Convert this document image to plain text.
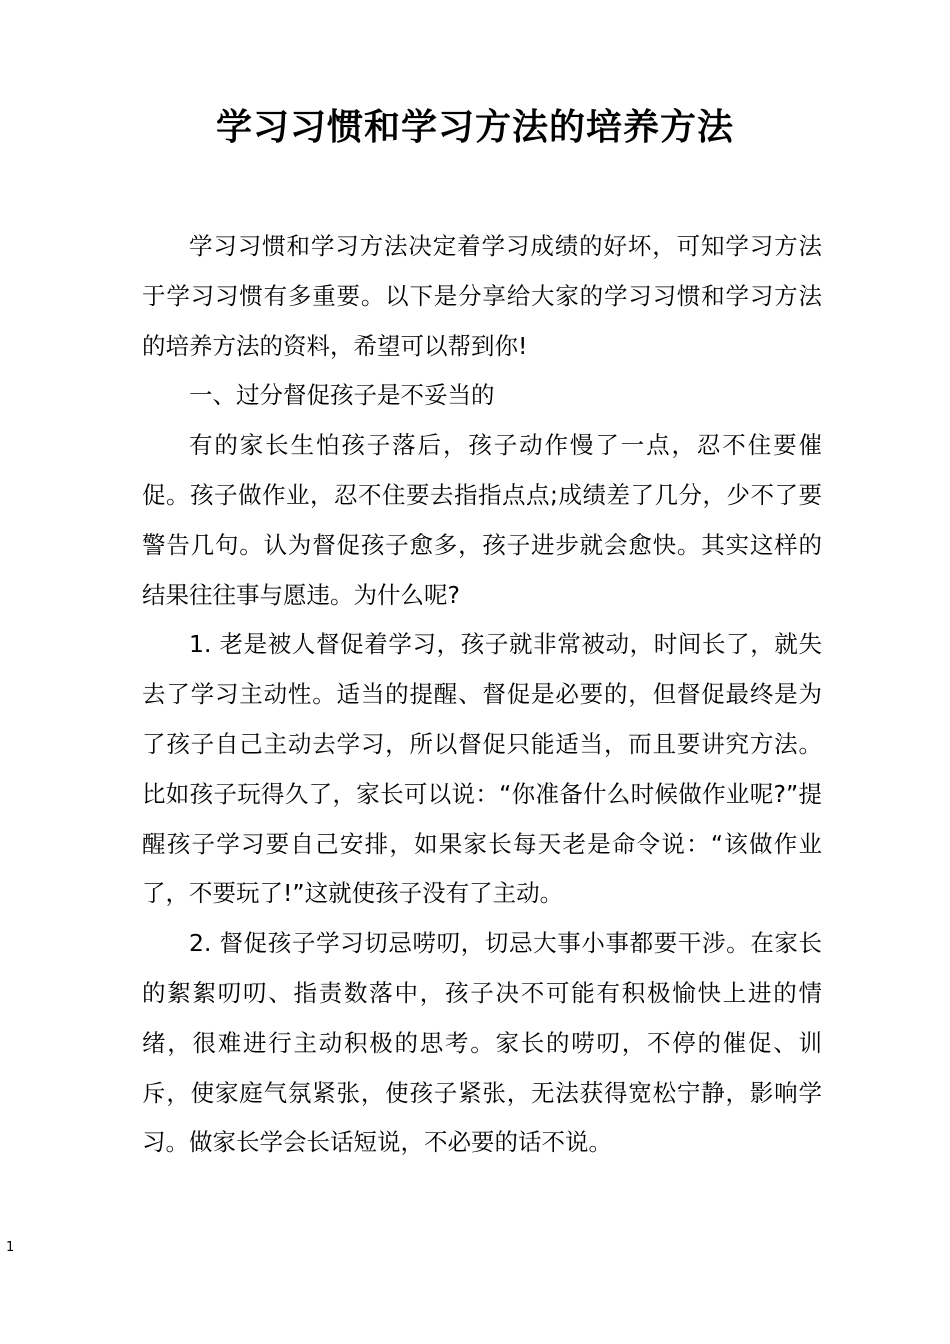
学习习惯和学习方法的培养方法

学习习惯和学习方法决定着学习成绩的好坏，可知学习方法于学习习惯有多重要。以下是分享给大家的学习习惯和学习方法的培养方法的资料，希望可以帮到你!

一、过分督促孩子是不妥当的

有的家长生怕孩子落后，孩子动作慢了一点，忍不住要催促。孩子做作业，忍不住要去指指点点;成绩差了几分，少不了要警告几句。认为督促孩子愈多，孩子进步就会愈快。其实这样的结果往往事与愿违。为什么呢?

1. 老是被人督促着学习，孩子就非常被动，时间长了，就失去了学习主动性。适当的提醒、督促是必要的，但督促最终是为了孩子自己主动去学习，所以督促只能适当，而且要讲究方法。比如孩子玩得久了，家长可以说：“你准备什么时候做作业呢?”提醒孩子学习要自己安排，如果家长每天老是命令说：“该做作业了，不要玩了!”这就使孩子没有了主动。

2. 督促孩子学习切忌唠叨，切忌大事小事都要干涉。在家长的絮絮叨叨、指责数落中，孩子决不可能有积极愉快上进的情绪，很难进行主动积极的思考。家长的唠叨，不停的催促、训斥，使家庭气氛紧张，使孩子紧张，无法获得宽松宁静，影响学习。做家长学会长话短说，不必要的话不说。

1
